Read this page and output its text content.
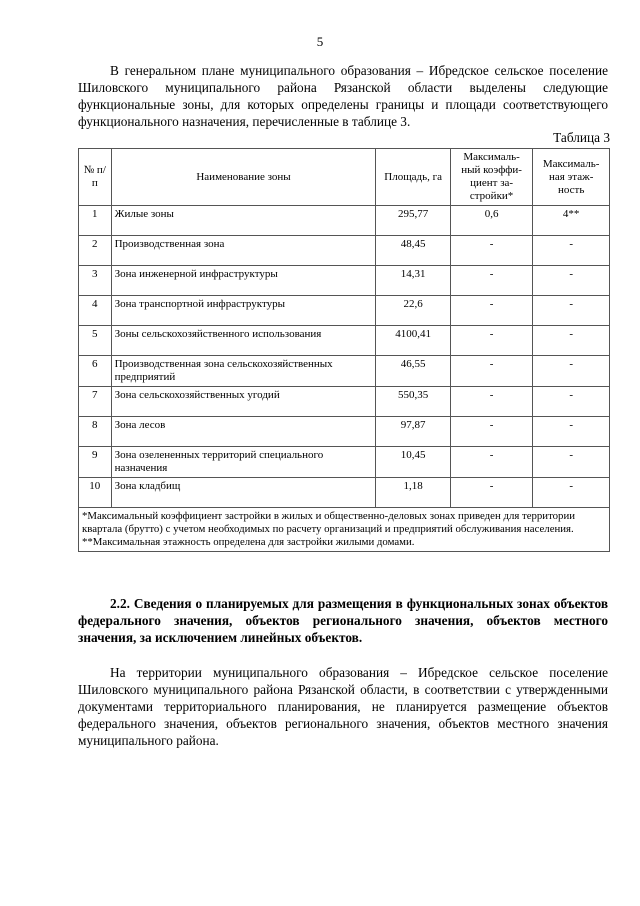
5

В генеральном плане муниципального образования – Ибредское сельское поселение Шиловского муниципального района Рязанской области выделены следующие функциональные зоны, для которых определены границы и площади соответствующего функционального назначения, перечисленные в таблице 3.

Таблица 3
№ п/п	Наименование зоны	Площадь, га	Максималь-ный коэффи-циент за-стройки*	Максималь-ная этаж-ность
1	Жилые зоны	295,77	0,6	4**
2	Производственная зона	48,45	-	-
3	Зона инженерной инфраструктуры	14,31	-	-
4	Зона транспортной инфраструктуры	22,6	-	-
5	Зоны сельскохозяйственного использования	4100,41	-	-
6	Производственная зона сельскохозяйственных предприятий	46,55	-	-
7	Зона сельскохозяйственных угодий	550,35	-	-
8	Зона лесов	97,87	-	-
9	Зона озелененных территорий специального назначения	10,45	-	-
10	Зона кладбищ	1,18	-	-

*Максимальный коэффициент застройки в жилых и общественно-деловых зонах приведен для территории квартала (брутто) с учетом необходимых по расчету организаций и предприятий обслуживания населения.
**Максимальная этажность определена для застройки жилыми домами.				

2.2. Сведения о планируемых для размещения в функциональных зонах объектов федерального значения, объектов регионального значения, объектов местного значения, за исключением линейных объектов.

На территории муниципального образования – Ибредское сельское поселение Шиловского муниципального района Рязанской области, в соответствии с утвержденными документами территориального планирования, не планируется размещение объектов федерального значения, объектов регионального значения, объектов местного значения муниципального района.
